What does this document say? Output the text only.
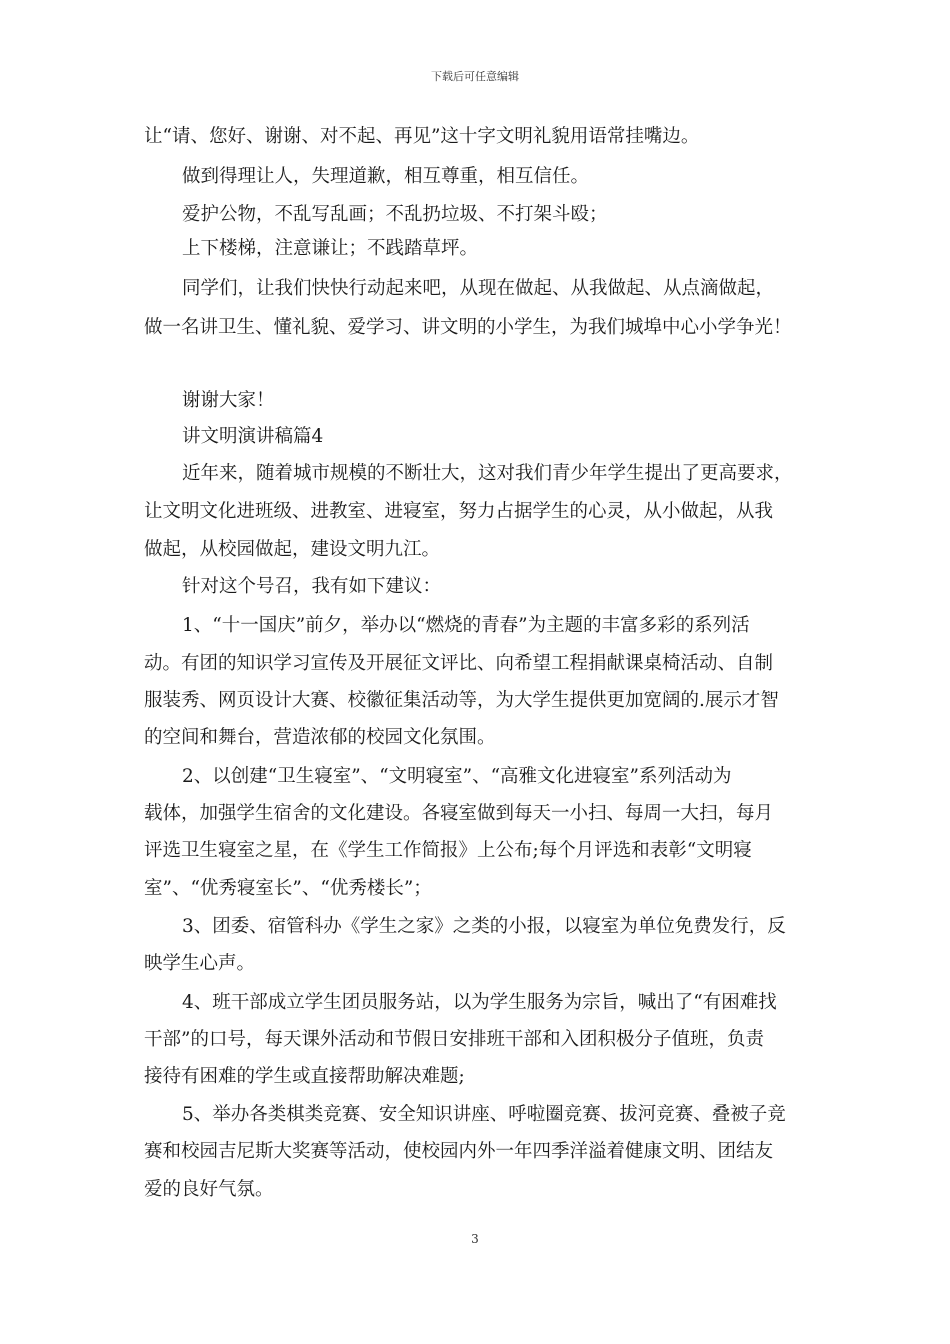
下载后可任意编辑
让“请、您好、谢谢、对不起、再见”这十字文明礼貌用语常挂嘴边。
做到得理让人，失理道歉，相互尊重，相互信任。
爱护公物，不乱写乱画；不乱扔垃圾、不打架斗殴；
上下楼梯，注意谦让；不践踏草坪。
同学们，让我们快快行动起来吧，从现在做起、从我做起、从点滴做起，
做一名讲卫生、懂礼貌、爱学习、讲文明的小学生，为我们城埠中心小学争光！
谢谢大家！
讲文明演讲稿篇4
近年来，随着城市规模的不断壮大，这对我们青少年学生提出了更高要求，
让文明文化进班级、进教室、进寝室，努力占据学生的心灵，从小做起，从我
做起，从校园做起，建设文明九江。
针对这个号召，我有如下建议：
1、“十一国庆”前夕，举办以“燃烧的青春”为主题的丰富多彩的系列活
动。有团的知识学习宣传及开展征文评比、向希望工程捐献课桌椅活动、自制
服装秀、网页设计大赛、校徽征集活动等，为大学生提供更加宽阔的.展示才智
的空间和舞台，营造浓郁的校园文化氛围。
2、以创建“卫生寝室”、“文明寝室”、“高雅文化进寝室”系列活动为
载体，加强学生宿舍的文化建设。各寝室做到每天一小扫、每周一大扫，每月
评选卫生寝室之星，在《学生工作简报》上公布;每个月评选和表彰“文明寝
室”、“优秀寝室长”、“优秀楼长”；
3、团委、宿管科办《学生之家》之类的小报，以寝室为单位免费发行，反
映学生心声。
4、班干部成立学生团员服务站，以为学生服务为宗旨，喊出了“有困难找
干部”的口号，每天课外活动和节假日安排班干部和入团积极分子值班，负责
接待有困难的学生或直接帮助解决难题;
5、举办各类棋类竞赛、安全知识讲座、呼啦圈竞赛、拔河竞赛、叠被子竞
赛和校园吉尼斯大奖赛等活动，使校园内外一年四季洋溢着健康文明、团结友
爱的良好气氛。
3
